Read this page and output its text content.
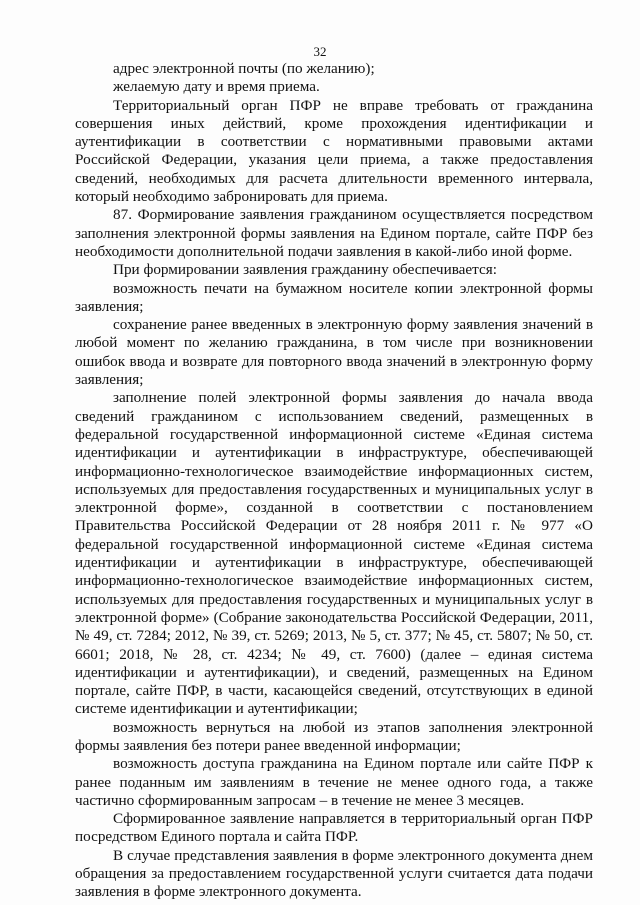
32

адрес электронной почты (по желанию);

желаемую дату и время приема.

Территориальный орган ПФР не вправе требовать от гражданина совершения иных действий, кроме прохождения идентификации и аутентификации в соответствии с нормативными правовыми актами Российской Федерации, указания цели приема, а также предоставления сведений, необходимых для расчета длительности временного интервала, который необходимо забронировать для приема.

87. Формирование заявления гражданином осуществляется посредством заполнения электронной формы заявления на Едином портале, сайте ПФР без необходимости дополнительной подачи заявления в какой-либо иной форме.

При формировании заявления гражданину обеспечивается:

возможность печати на бумажном носителе копии электронной формы заявления;

сохранение ранее введенных в электронную форму заявления значений в любой момент по желанию гражданина, в том числе при возникновении ошибок ввода и возврате для повторного ввода значений в электронную форму заявления;

заполнение полей электронной формы заявления до начала ввода сведений гражданином с использованием сведений, размещенных в федеральной государственной информационной системе «Единая система идентификации и аутентификации в инфраструктуре, обеспечивающей информационно-технологическое взаимодействие информационных систем, используемых для предоставления государственных и муниципальных услуг в электронной форме», созданной в соответствии с постановлением Правительства Российской Федерации от 28 ноября 2011 г. № 977 «О федеральной государственной информационной системе «Единая система идентификации и аутентификации в инфраструктуре, обеспечивающей информационно-технологическое взаимодействие информационных систем, используемых для предоставления государственных и муниципальных услуг в электронной форме» (Собрание законодательства Российской Федерации, 2011, № 49, ст. 7284; 2012, № 39, ст. 5269; 2013, № 5, ст. 377; № 45, ст. 5807; № 50, ст. 6601; 2018, № 28, ст. 4234; № 49, ст. 7600) (далее – единая система идентификации и аутентификации), и сведений, размещенных на Едином портале, сайте ПФР, в части, касающейся сведений, отсутствующих в единой системе идентификации и аутентификации;

возможность вернуться на любой из этапов заполнения электронной формы заявления без потери ранее введенной информации;

возможность доступа гражданина на Едином портале или сайте ПФР к ранее поданным им заявлениям в течение не менее одного года, а также частично сформированным запросам – в течение не менее 3 месяцев.

Сформированное заявление направляется в территориальный орган ПФР посредством Единого портала и сайта ПФР.

В случае представления заявления в форме электронного документа днем обращения за предоставлением государственной услуги считается дата подачи заявления в форме электронного документа.
